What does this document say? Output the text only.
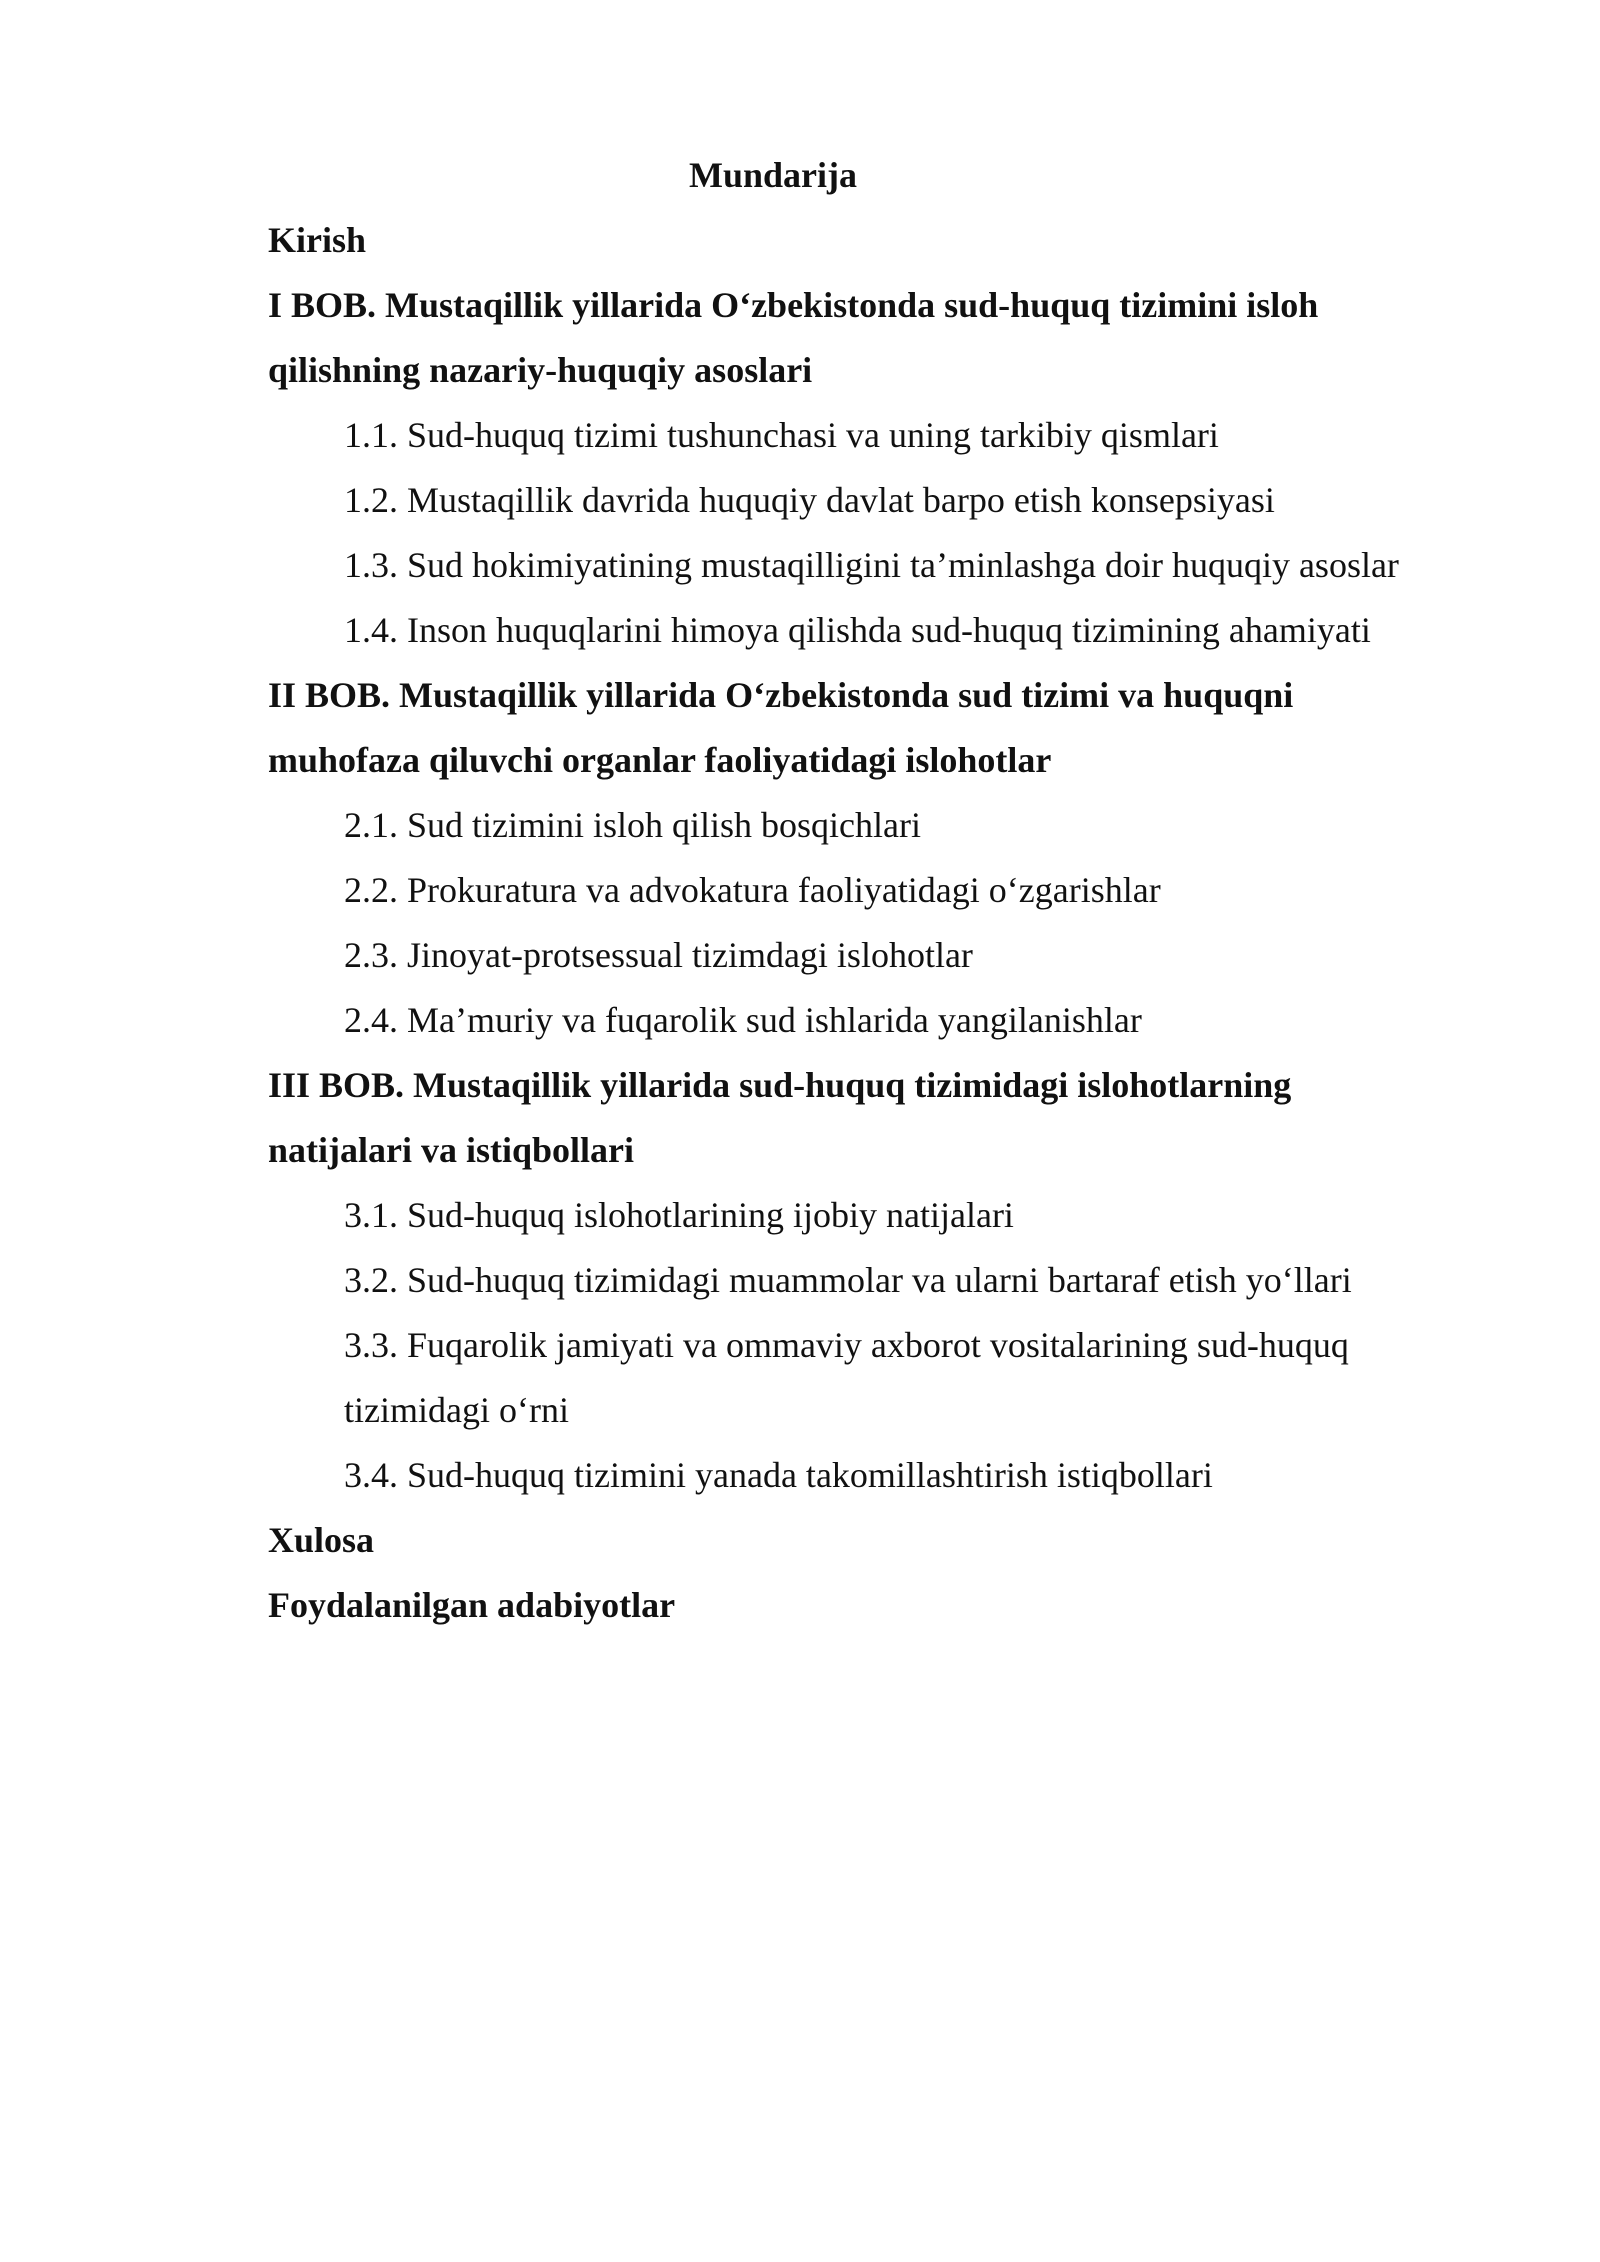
Mundarija
Kirish
I BOB. Mustaqillik yillarida O‘zbekistonda sud-huquq tizimini isloh
qilishning nazariy-huquqiy asoslari
1.1. Sud-huquq tizimi tushunchasi va uning tarkibiy qismlari
1.2. Mustaqillik davrida huquqiy davlat barpo etish konsepsiyasi
1.3. Sud hokimiyatining mustaqilligini ta’minlashga doir huquqiy asoslar
1.4. Inson huquqlarini himoya qilishda sud-huquq tizimining ahamiyati
II BOB. Mustaqillik yillarida O‘zbekistonda sud tizimi va huquqni
muhofaza qiluvchi organlar faoliyatidagi islohotlar
2.1. Sud tizimini isloh qilish bosqichlari
2.2. Prokuratura va advokatura faoliyatidagi o‘zgarishlar
2.3. Jinoyat-protsessual tizimdagi islohotlar
2.4. Ma’muriy va fuqarolik sud ishlarida yangilanishlar
III BOB. Mustaqillik yillarida sud-huquq tizimidagi islohotlarning
natijalari va istiqbollari
3.1. Sud-huquq islohotlarining ijobiy natijalari
3.2. Sud-huquq tizimidagi muammolar va ularni bartaraf etish yo‘llari
3.3. Fuqarolik jamiyati va ommaviy axborot vositalarining sud-huquq
tizimidagi o‘rni
3.4. Sud-huquq tizimini yanada takomillashtirish istiqbollari
Xulosa
Foydalanilgan adabiyotlar
